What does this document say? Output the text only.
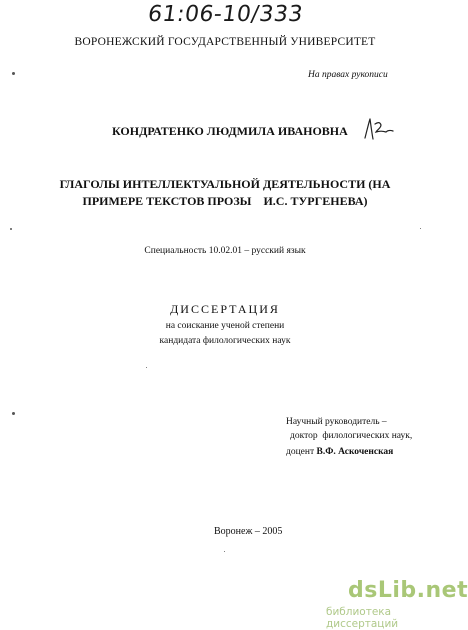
61:06-10/333
ВОРОНЕЖСКИЙ ГОСУДАРСТВЕННЫЙ УНИВЕРСИТЕТ
На правах рукописи
КОНДРАТЕНКО ЛЮДМИЛА ИВАНОВНА
ГЛАГОЛЫ ИНТЕЛЛЕКТУАЛЬНОЙ ДЕЯТЕЛЬНОСТИ (НА
ПРИМЕРЕ ТЕКСТОВ ПРОЗЫ    И.С. ТУРГЕНЕВА)
Специальность 10.02.01 – русский язык
ДИССЕРТАЦИЯ
на соискание ученой степени
кандидата филологических наук
Научный руководитель –
доктор  филологических наук,
доцент В.Ф. Аскоченская
Воронеж – 2005
dsLib.net
библиотека диссертаций
